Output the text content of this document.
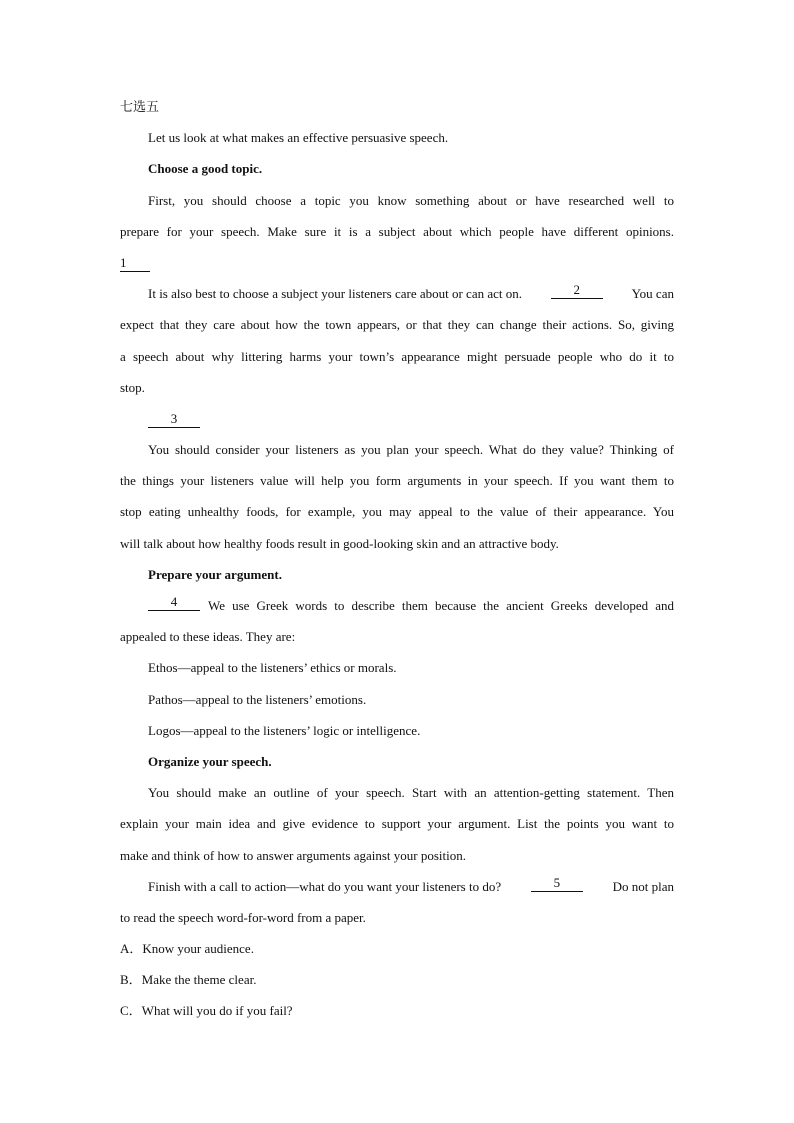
七选五
Let us look at what makes an effective persuasive speech.
Choose a good topic.
First, you should choose a topic you know something about or have researched well to
prepare for your speech. Make sure it is a subject about which people have different opinions.
1
It is also best to choose a subject your listeners care about or can act on.	2	You can
expect that they care about how the town appears, or that they can change their actions. So, giving
a speech about why littering harms your town’s appearance might persuade people who do it to
stop.
3
You should consider your listeners as you plan your speech. What do they value? Thinking of
the things your listeners value will help you form arguments in your speech. If you want them to
stop eating unhealthy foods, for example, you may appeal to the value of their appearance. You
will talk about how healthy foods result in good-looking skin and an attractive body.
Prepare your argument.
4	We use Greek words to describe them because the ancient Greeks developed and
appealed to these ideas. They are:
Ethos—appeal to the listeners’ ethics or morals.
Pathos—appeal to the listeners’ emotions.
Logos—appeal to the listeners’ logic or intelligence.
Organize your speech.
You should make an outline of your speech. Start with an attention-getting statement. Then
explain your main idea and give evidence to support your argument. List the points you want to
make and think of how to answer arguments against your position.
Finish with a call to action—what do you want your listeners to do?	5	Do not plan
to read the speech word-for-word from a paper.
A．Know your audience.
B．Make the theme clear.
C．What will you do if you fail?
